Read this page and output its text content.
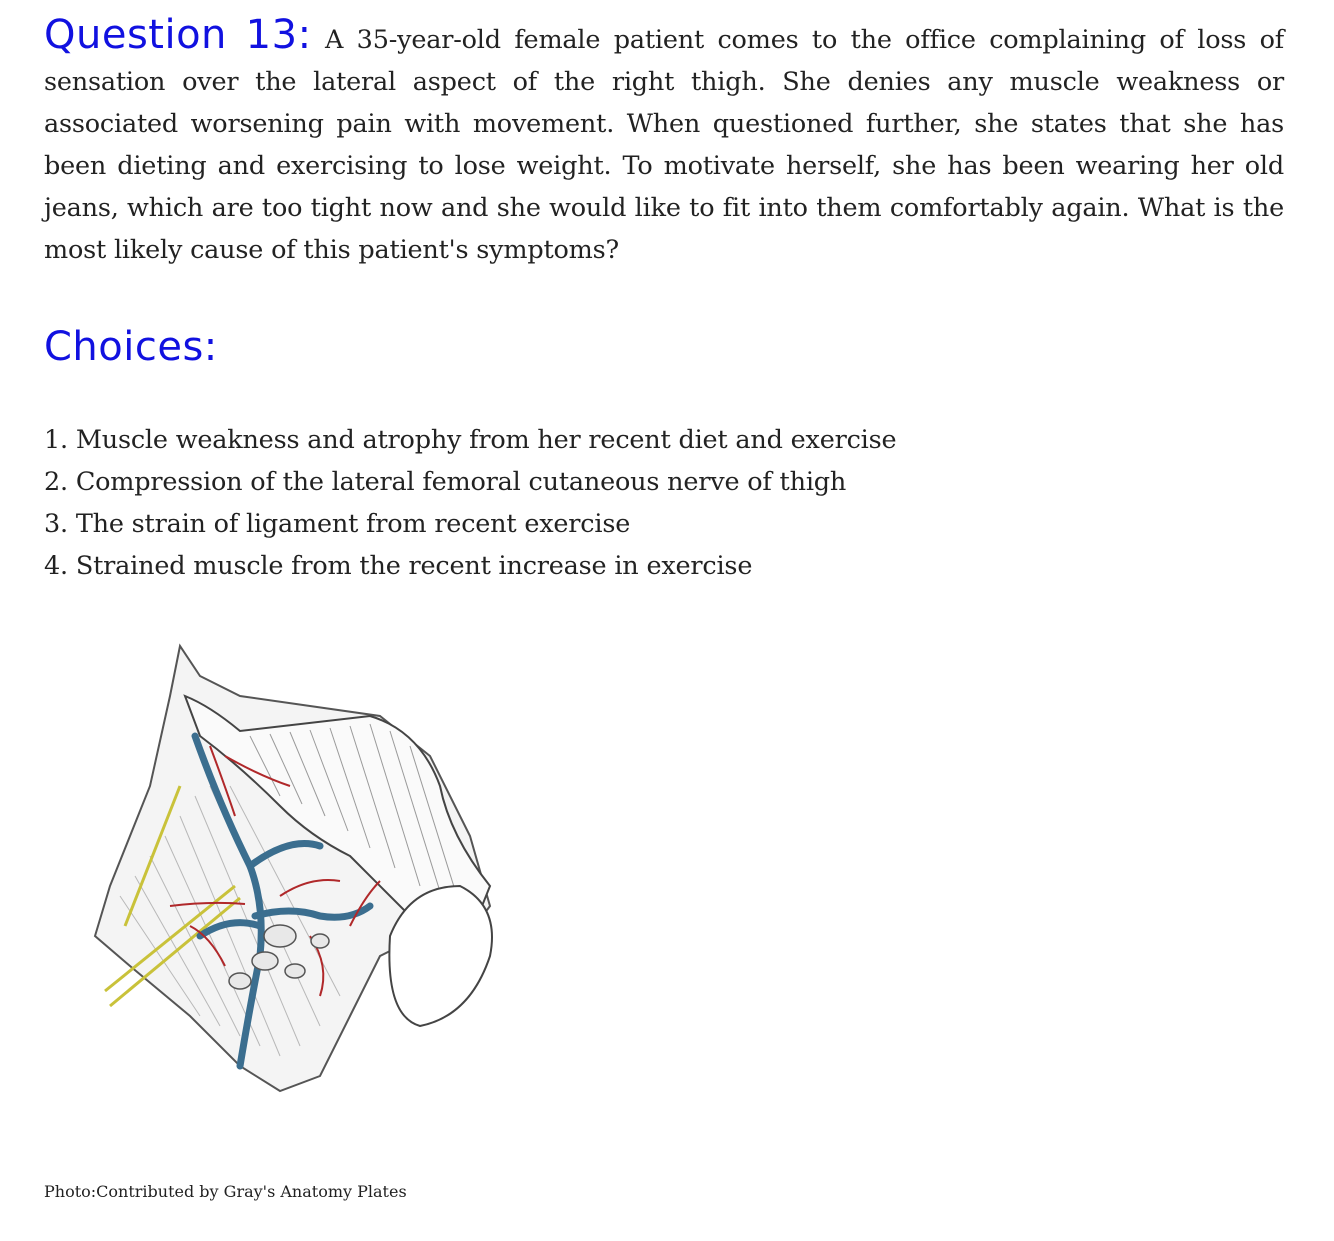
Question 13: A 35-year-old female patient comes to the office complaining of loss of sensation over the lateral aspect of the right thigh. She denies any muscle weakness or associated worsening pain with movement. When questioned further, she states that she has been dieting and exercising to lose weight. To motivate herself, she has been wearing her old jeans, which are too tight now and she would like to fit into them comfortably again. What is the most likely cause of this patient's symptoms?

Choices:
1. Muscle weakness and atrophy from her recent diet and exercise
2. Compression of the lateral femoral cutaneous nerve of thigh
3. The strain of ligament from recent exercise
4. Strained muscle from the recent increase in exercise
Photo:Contributed by Gray's Anatomy Plates
